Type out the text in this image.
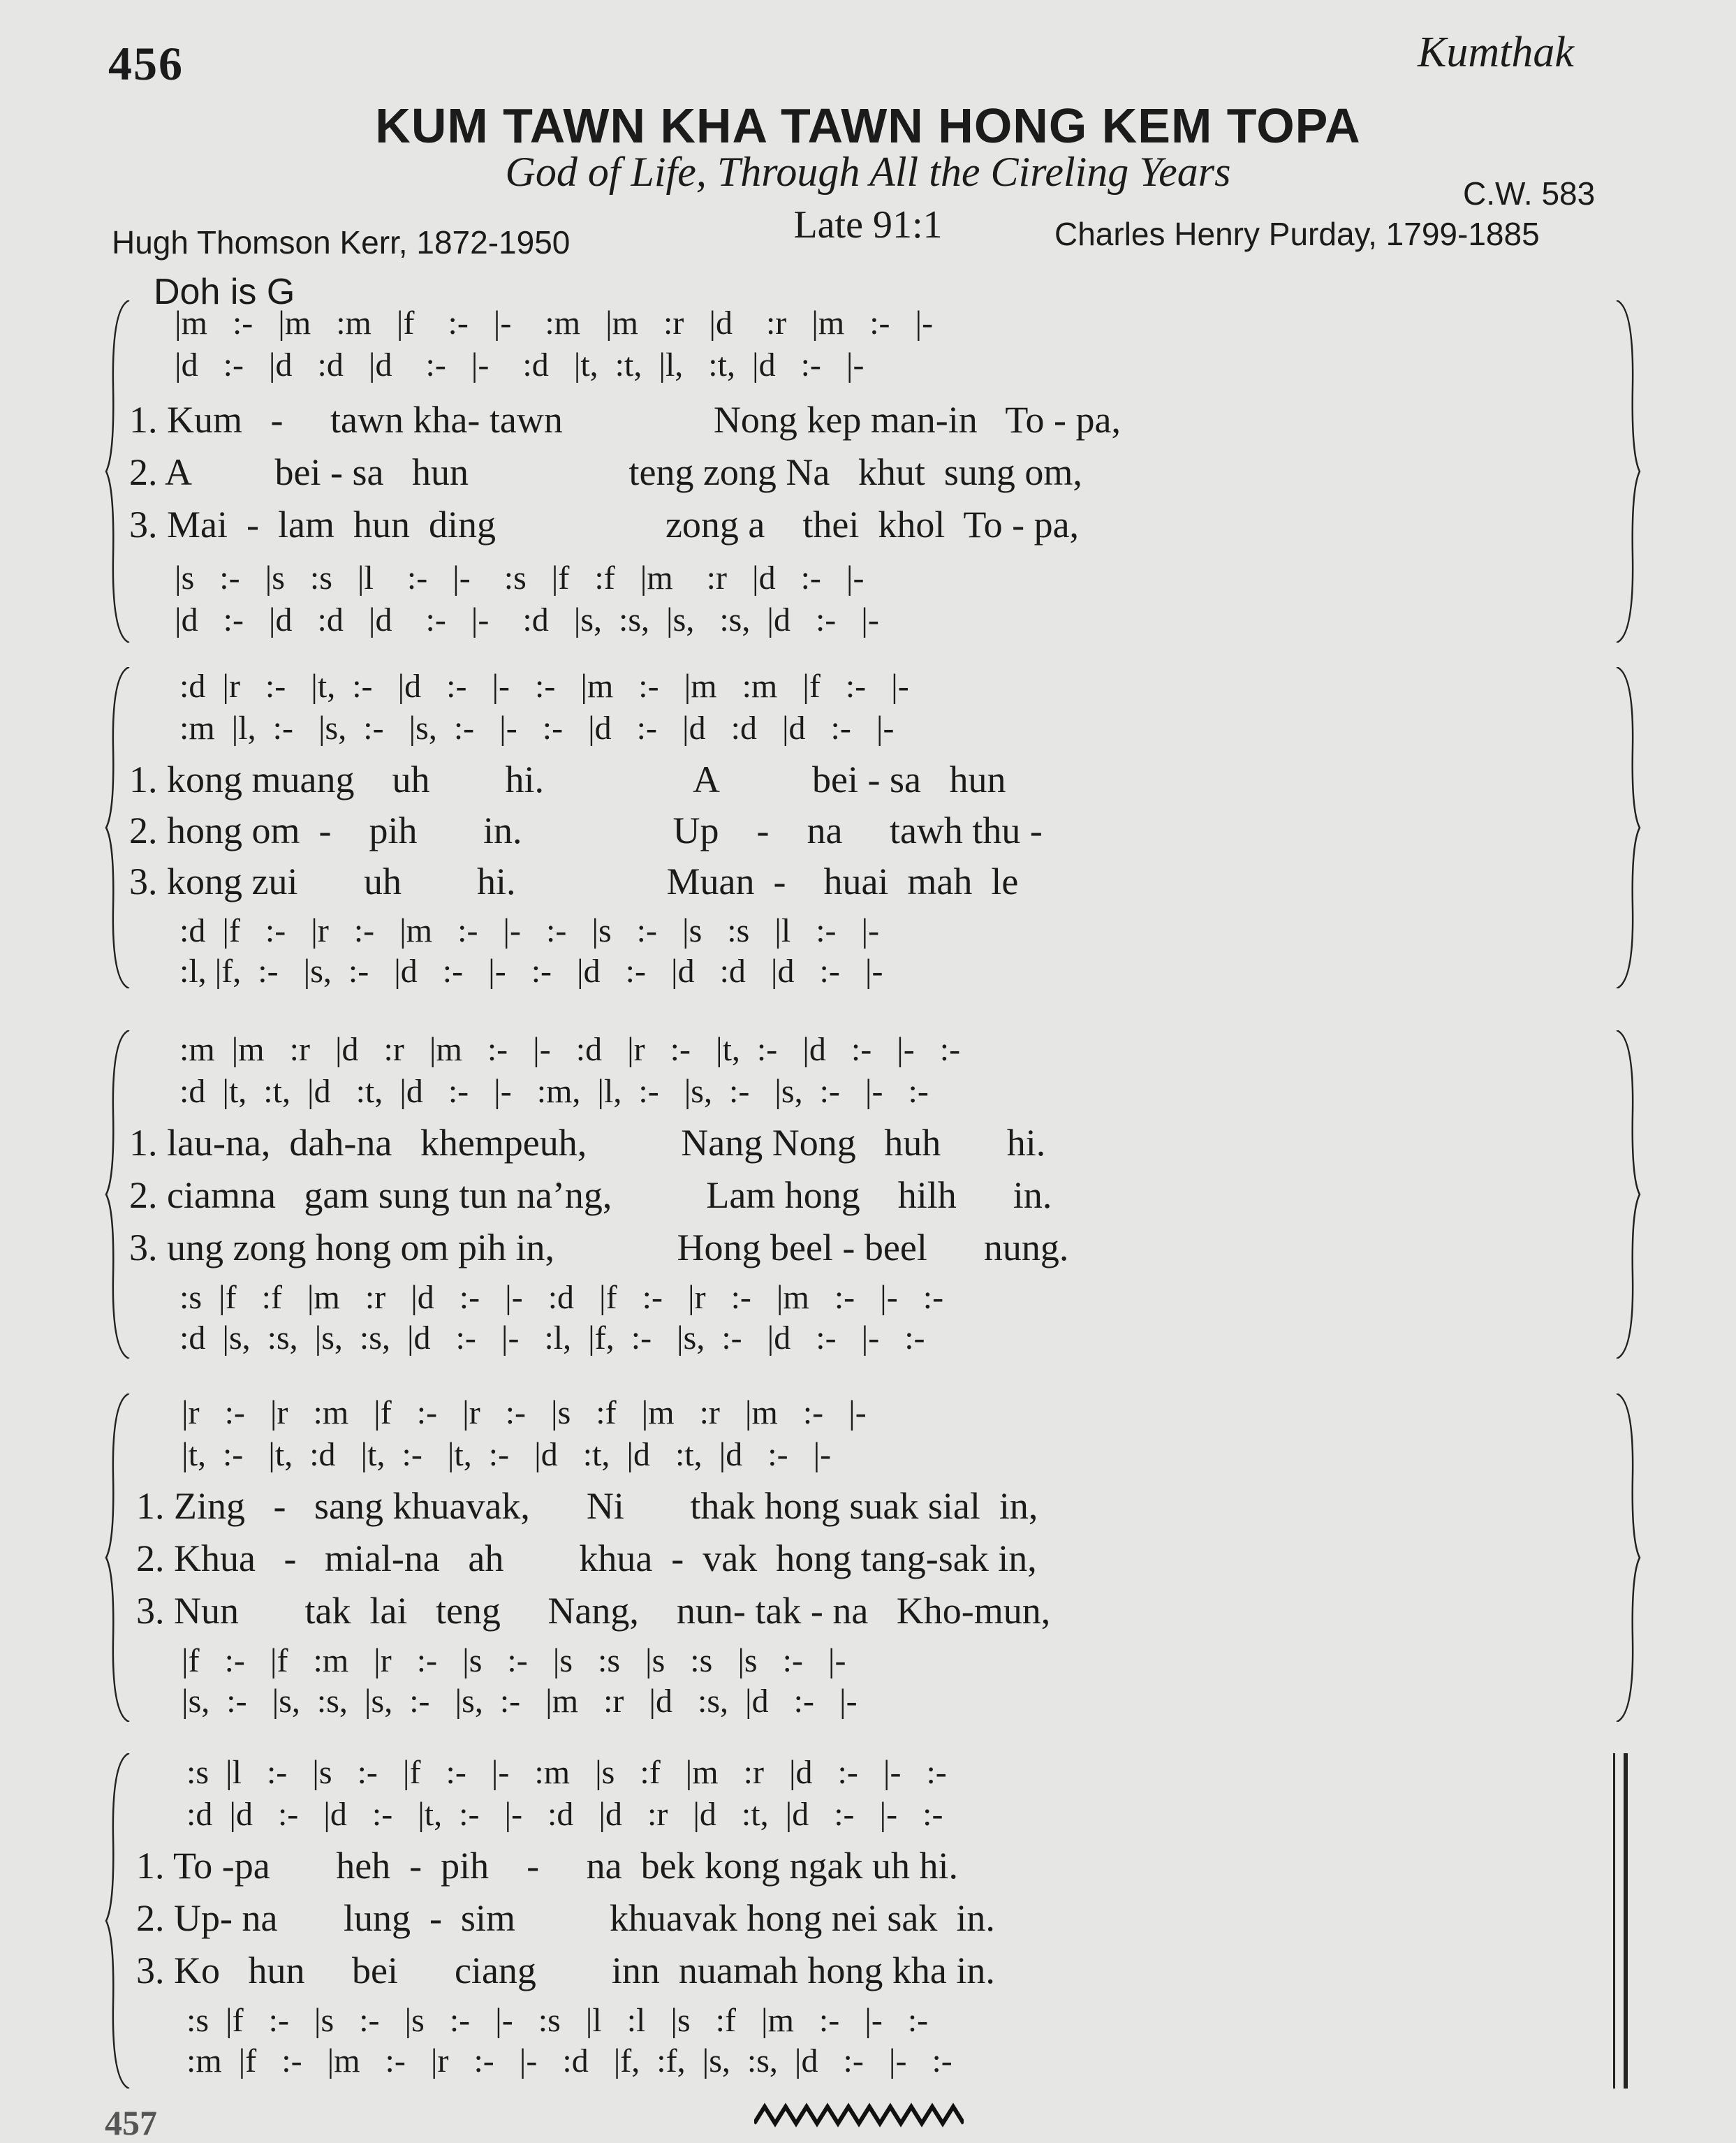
456	Kumthak
KUM TAWN KHA TAWN HONG KEM TOPA
God of Life, Through All the Cireling Years	C.W. 583
Late 91:1
Hugh Thomson Kerr, 1872-1950	Charles Henry Purday, 1799-1885
Doh is G
|m   :-   |m   :m   |f    :-   |-    :m   |m   :r   |d    :r   |m   :-   |-
|d   :-   |d   :d   |d    :-   |-    :d   |t,  :t,  |l,   :t,  |d   :-   |-
1. Kum   -     tawn kha- tawn                Nong kep man-in   To - pa,
2. A         bei - sa   hun                 teng zong Na   khut  sung om,
3. Mai  -  lam  hun  ding                  zong a    thei  khol  To - pa,
|s   :-   |s   :s   |l    :-   |-    :s   |f   :f   |m    :r   |d   :-   |-
|d   :-   |d   :d   |d    :-   |-    :d   |s,  :s,  |s,   :s,  |d   :-   |-
:d  |r   :-   |t,  :-   |d   :-   |-   :-   |m   :-   |m   :m   |f   :-   |-
:m  |l,  :-   |s,  :-   |s,  :-   |-   :-   |d   :-   |d   :d   |d   :-   |-
1. kong muang    uh        hi.                A          bei - sa   hun
2. hong om  -    pih       in.                Up    -    na     tawh thu -
3. kong zui       uh        hi.                Muan  -    huai  mah  le
:d  |f   :-   |r   :-   |m   :-   |-   :-   |s   :-   |s   :s   |l   :-   |-
:l, |f,  :-   |s,  :-   |d   :-   |-   :-   |d   :-   |d   :d   |d   :-   |-
:m  |m   :r   |d   :r   |m   :-   |-   :d   |r   :-   |t,  :-   |d   :-   |-   :-
:d  |t,  :t,  |d   :t,  |d   :-   |-   :m,  |l,  :-   |s,  :-   |s,  :-   |-   :-
1. lau-na,  dah-na   khempeuh,          Nang Nong   huh       hi.
2. ciamna   gam sung tun na’ng,          Lam hong    hilh      in.
3. ung zong hong om pih in,             Hong beel - beel      nung.
:s  |f   :f   |m   :r   |d   :-   |-   :d   |f   :-   |r   :-   |m   :-   |-   :-
:d  |s,  :s,  |s,  :s,  |d   :-   |-   :l,  |f,  :-   |s,  :-   |d   :-   |-   :-
|r   :-   |r   :m   |f   :-   |r   :-   |s   :f   |m   :r   |m   :-   |-
|t,  :-   |t,  :d   |t,  :-   |t,  :-   |d   :t,  |d   :t,  |d   :-   |-
1. Zing   -   sang khuavak,      Ni       thak hong suak sial  in,
2. Khua   -   mial-na   ah        khua  -  vak  hong tang-sak in,
3. Nun       tak  lai   teng     Nang,    nun- tak - na   Kho-mun,
|f   :-   |f   :m   |r   :-   |s   :-   |s   :s   |s   :s   |s   :-   |-
|s,  :-   |s,  :s,  |s,  :-   |s,  :-   |m   :r   |d   :s,  |d   :-   |-
:s  |l   :-   |s   :-   |f   :-   |-   :m   |s   :f   |m   :r   |d   :-   |-   :-
:d  |d   :-   |d   :-   |t,  :-   |-   :d   |d   :r   |d   :t,  |d   :-   |-   :-
1. To -pa       heh  -  pih    -     na  bek kong ngak uh hi.
2. Up- na       lung  -  sim          khuavak hong nei sak  in.
3. Ko   hun     bei      ciang        inn  nuamah hong kha in.
:s  |f   :-   |s   :-   |s   :-   |-   :s   |l   :l   |s   :f   |m   :-   |-   :-
:m  |f   :-   |m   :-   |r   :-   |-   :d   |f,  :f,  |s,  :s,  |d   :-   |-   :-
457
